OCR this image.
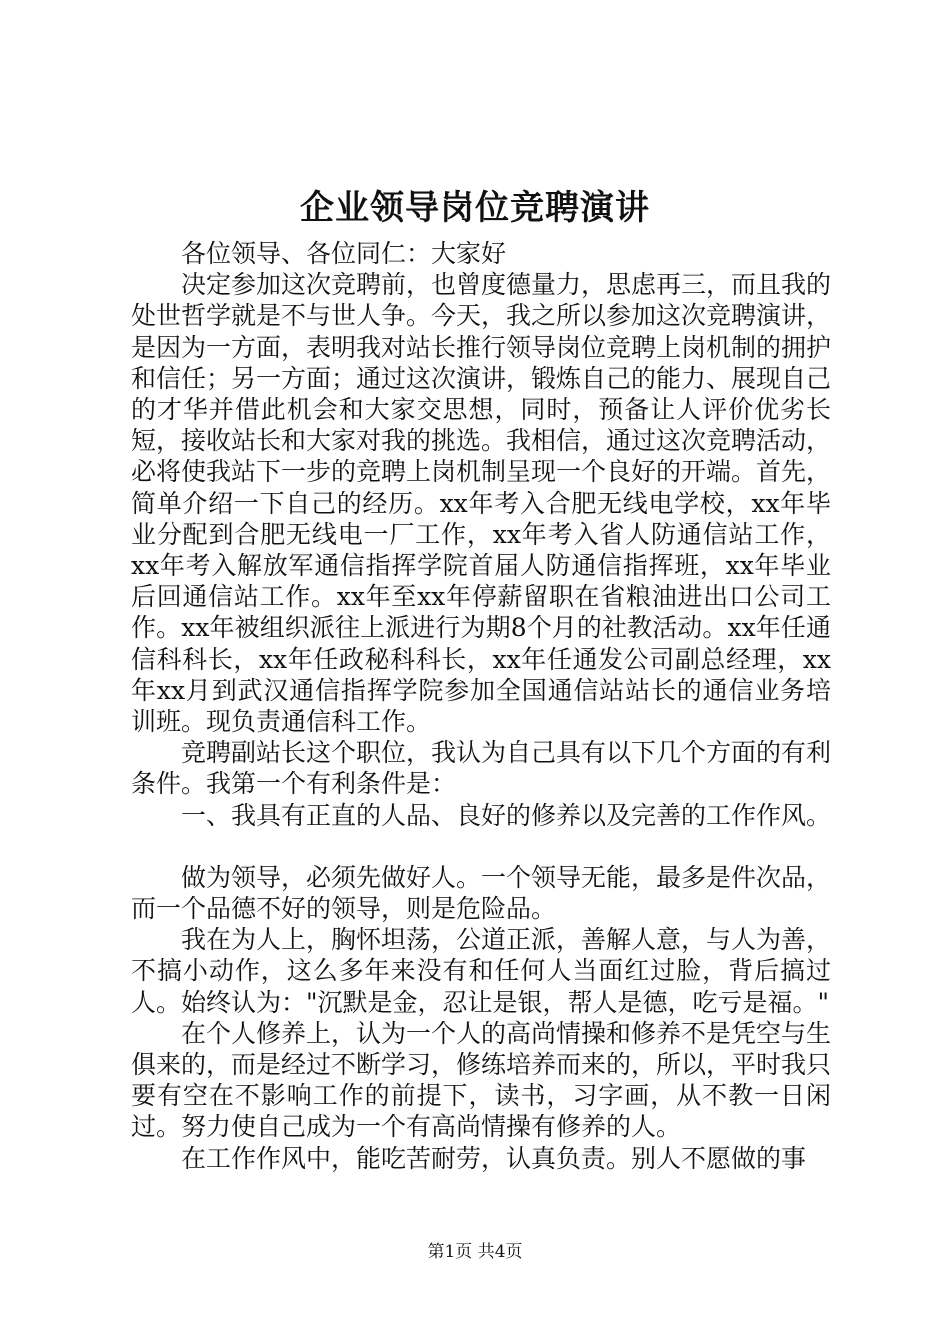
企业领导岗位竞聘演讲

各位领导、各位同仁：大家好

决定参加这次竞聘前，也曾度德量力，思虑再三，而且我的处世哲学就是不与世人争。今天，我之所以参加这次竞聘演讲，是因为一方面，表明我对站长推行领导岗位竞聘上岗机制的拥护和信任；另一方面；通过这次演讲，锻炼自己的能力、展现自己的才华并借此机会和大家交思想，同时，预备让人评价优劣长短，接收站长和大家对我的挑选。我相信，通过这次竞聘活动，必将使我站下一步的竞聘上岗机制呈现一个良好的开端。首先，简单介绍一下自己的经历。xx年考入合肥无线电学校，xx年毕业分配到合肥无线电一厂工作，xx年考入省人防通信站工作，xx年考入解放军通信指挥学院首届人防通信指挥班，xx年毕业后回通信站工作。xx年至xx年停薪留职在省粮油进出口公司工作。xx年被组织派往上派进行为期8个月的社教活动。xx年任通信科科长，xx年任政秘科科长，xx年任通发公司副总经理，xx年xx月到武汉通信指挥学院参加全国通信站站长的通信业务培训班。现负责通信科工作。

竞聘副站长这个职位，我认为自己具有以下几个方面的有利条件。我第一个有利条件是：

一、我具有正直的人品、良好的修养以及完善的工作作风。

做为领导，必须先做好人。一个领导无能，最多是件次品，而一个品德不好的领导，则是危险品。

我在为人上，胸怀坦荡，公道正派，善解人意，与人为善，不搞小动作，这么多年来没有和任何人当面红过脸，背后搞过人。始终认为："沉默是金，忍让是银，帮人是德，吃亏是福。"

在个人修养上，认为一个人的高尚情操和修养不是凭空与生俱来的，而是经过不断学习，修练培养而来的，所以，平时我只要有空在不影响工作的前提下，读书，习字画，从不教一日闲过。努力使自己成为一个有高尚情操有修养的人。

在工作作风中，能吃苦耐劳，认真负责。别人不愿做的事

第1页 共4页
